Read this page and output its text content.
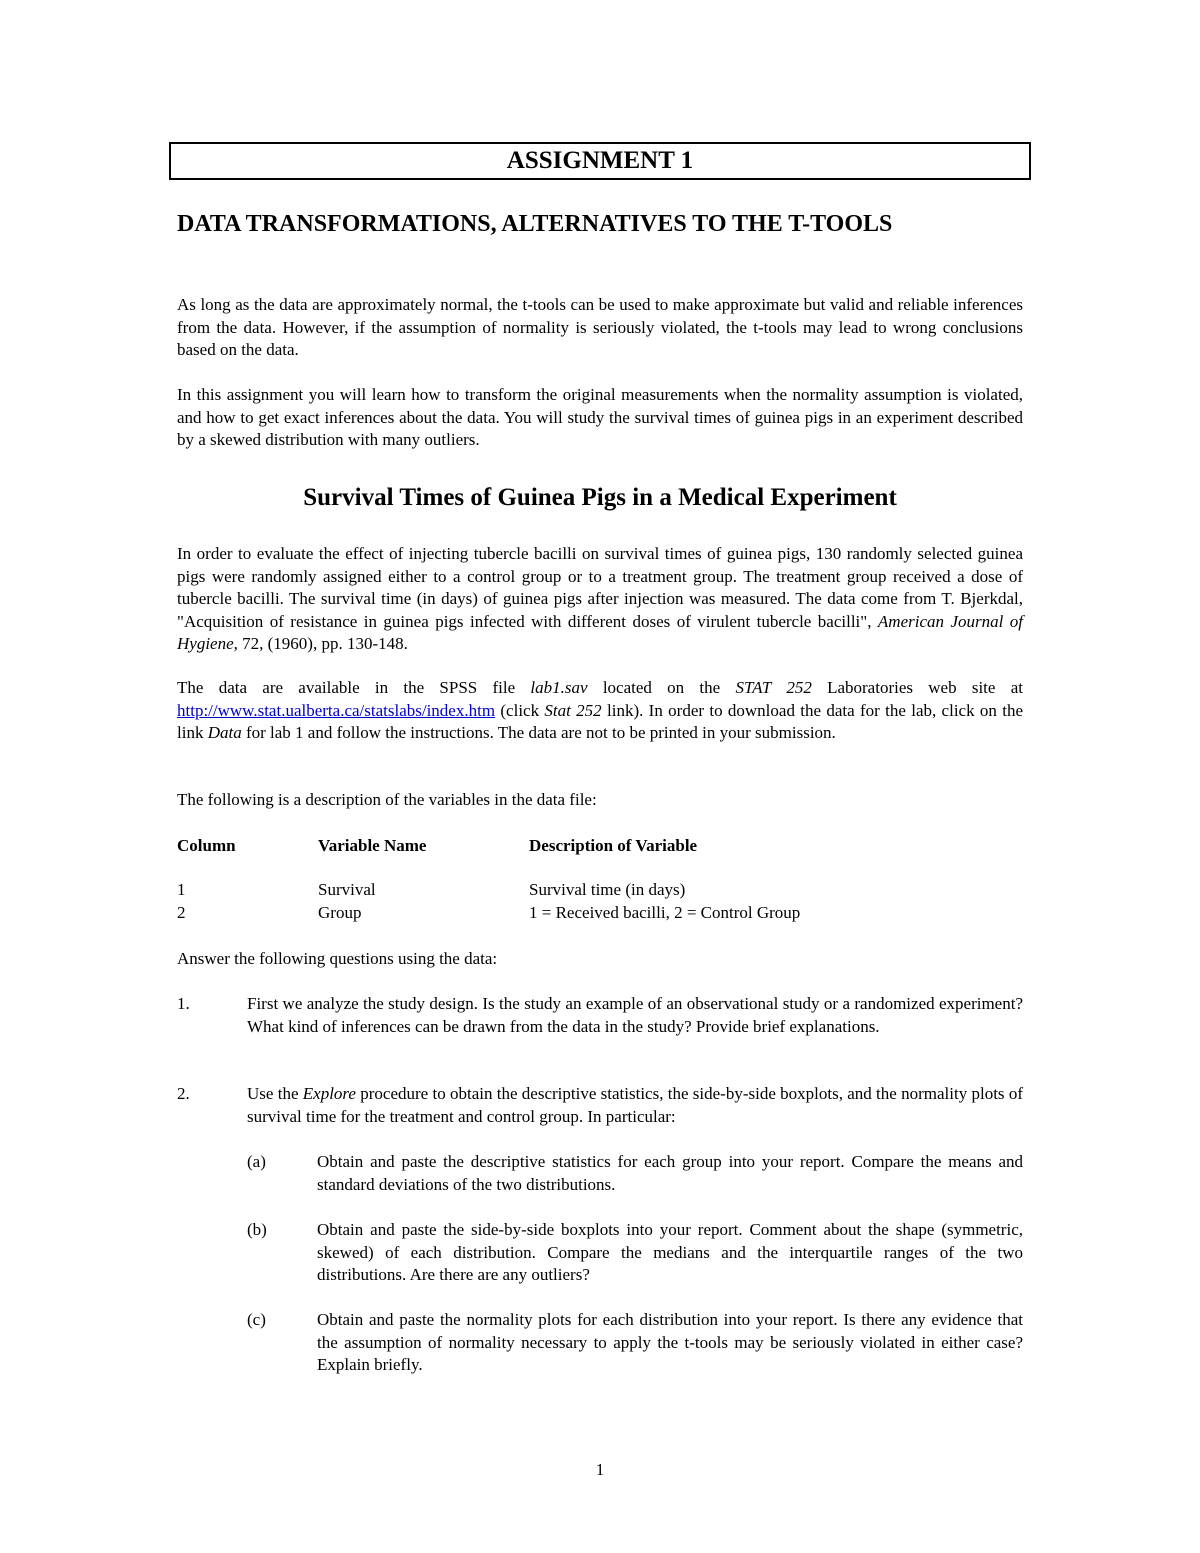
ASSIGNMENT 1
DATA TRANSFORMATIONS, ALTERNATIVES TO THE T-TOOLS

As long as the data are approximately normal, the t-tools can be used to make approximate but valid and reliable inferences from the data. However, if the assumption of normality is seriously violated, the t-tools may lead to wrong conclusions based on the data.

In this assignment you will learn how to transform the original measurements when the normality assumption is violated, and how to get exact inferences about the data. You will study the survival times of guinea pigs in an experiment described by a skewed distribution with many outliers.

Survival Times of Guinea Pigs in a Medical Experiment

In order to evaluate the effect of injecting tubercle bacilli on survival times of guinea pigs, 130 randomly selected guinea pigs were randomly assigned either to a control group or to a treatment group. The treatment group received a dose of tubercle bacilli. The survival time (in days) of guinea pigs after injection was measured. The data come from T. Bjerkdal, "Acquisition of resistance in guinea pigs infected with different doses of virulent tubercle bacilli", American Journal of Hygiene, 72, (1960), pp. 130-148.

The data are available in the SPSS file lab1.sav located on the STAT 252 Laboratories web site at http://www.stat.ualberta.ca/statslabs/index.htm (click Stat 252 link). In order to download the data for the lab, click on the link Data for lab 1 and follow the instructions. The data are not to be printed in your submission.

The following is a description of the variables in the data file:
Column	Variable Name	Description of Variable
1	Survival	Survival time (in days)
2	Group	1 = Received bacilli, 2 = Control Group
Answer the following questions using the data:
1.	First we analyze the study design. Is the study an example of an observational study or a randomized experiment? What kind of inferences can be drawn from the data in the study? Provide brief explanations.

2.	Use the Explore procedure to obtain the descriptive statistics, the side-by-side boxplots, and the normality plots of survival time for the treatment and control group. In particular:

(a)	Obtain and paste the descriptive statistics for each group into your report. Compare the means and standard deviations of the two distributions.

(b)	Obtain and paste the side-by-side boxplots into your report. Comment about the shape (symmetric, skewed) of each distribution. Compare the medians and the interquartile ranges of the two distributions. Are there are any outliers?

(c)	Obtain and paste the normality plots for each distribution into your report. Is there any evidence that the assumption of normality necessary to apply the t-tools may be seriously violated in either case? Explain briefly.

1
